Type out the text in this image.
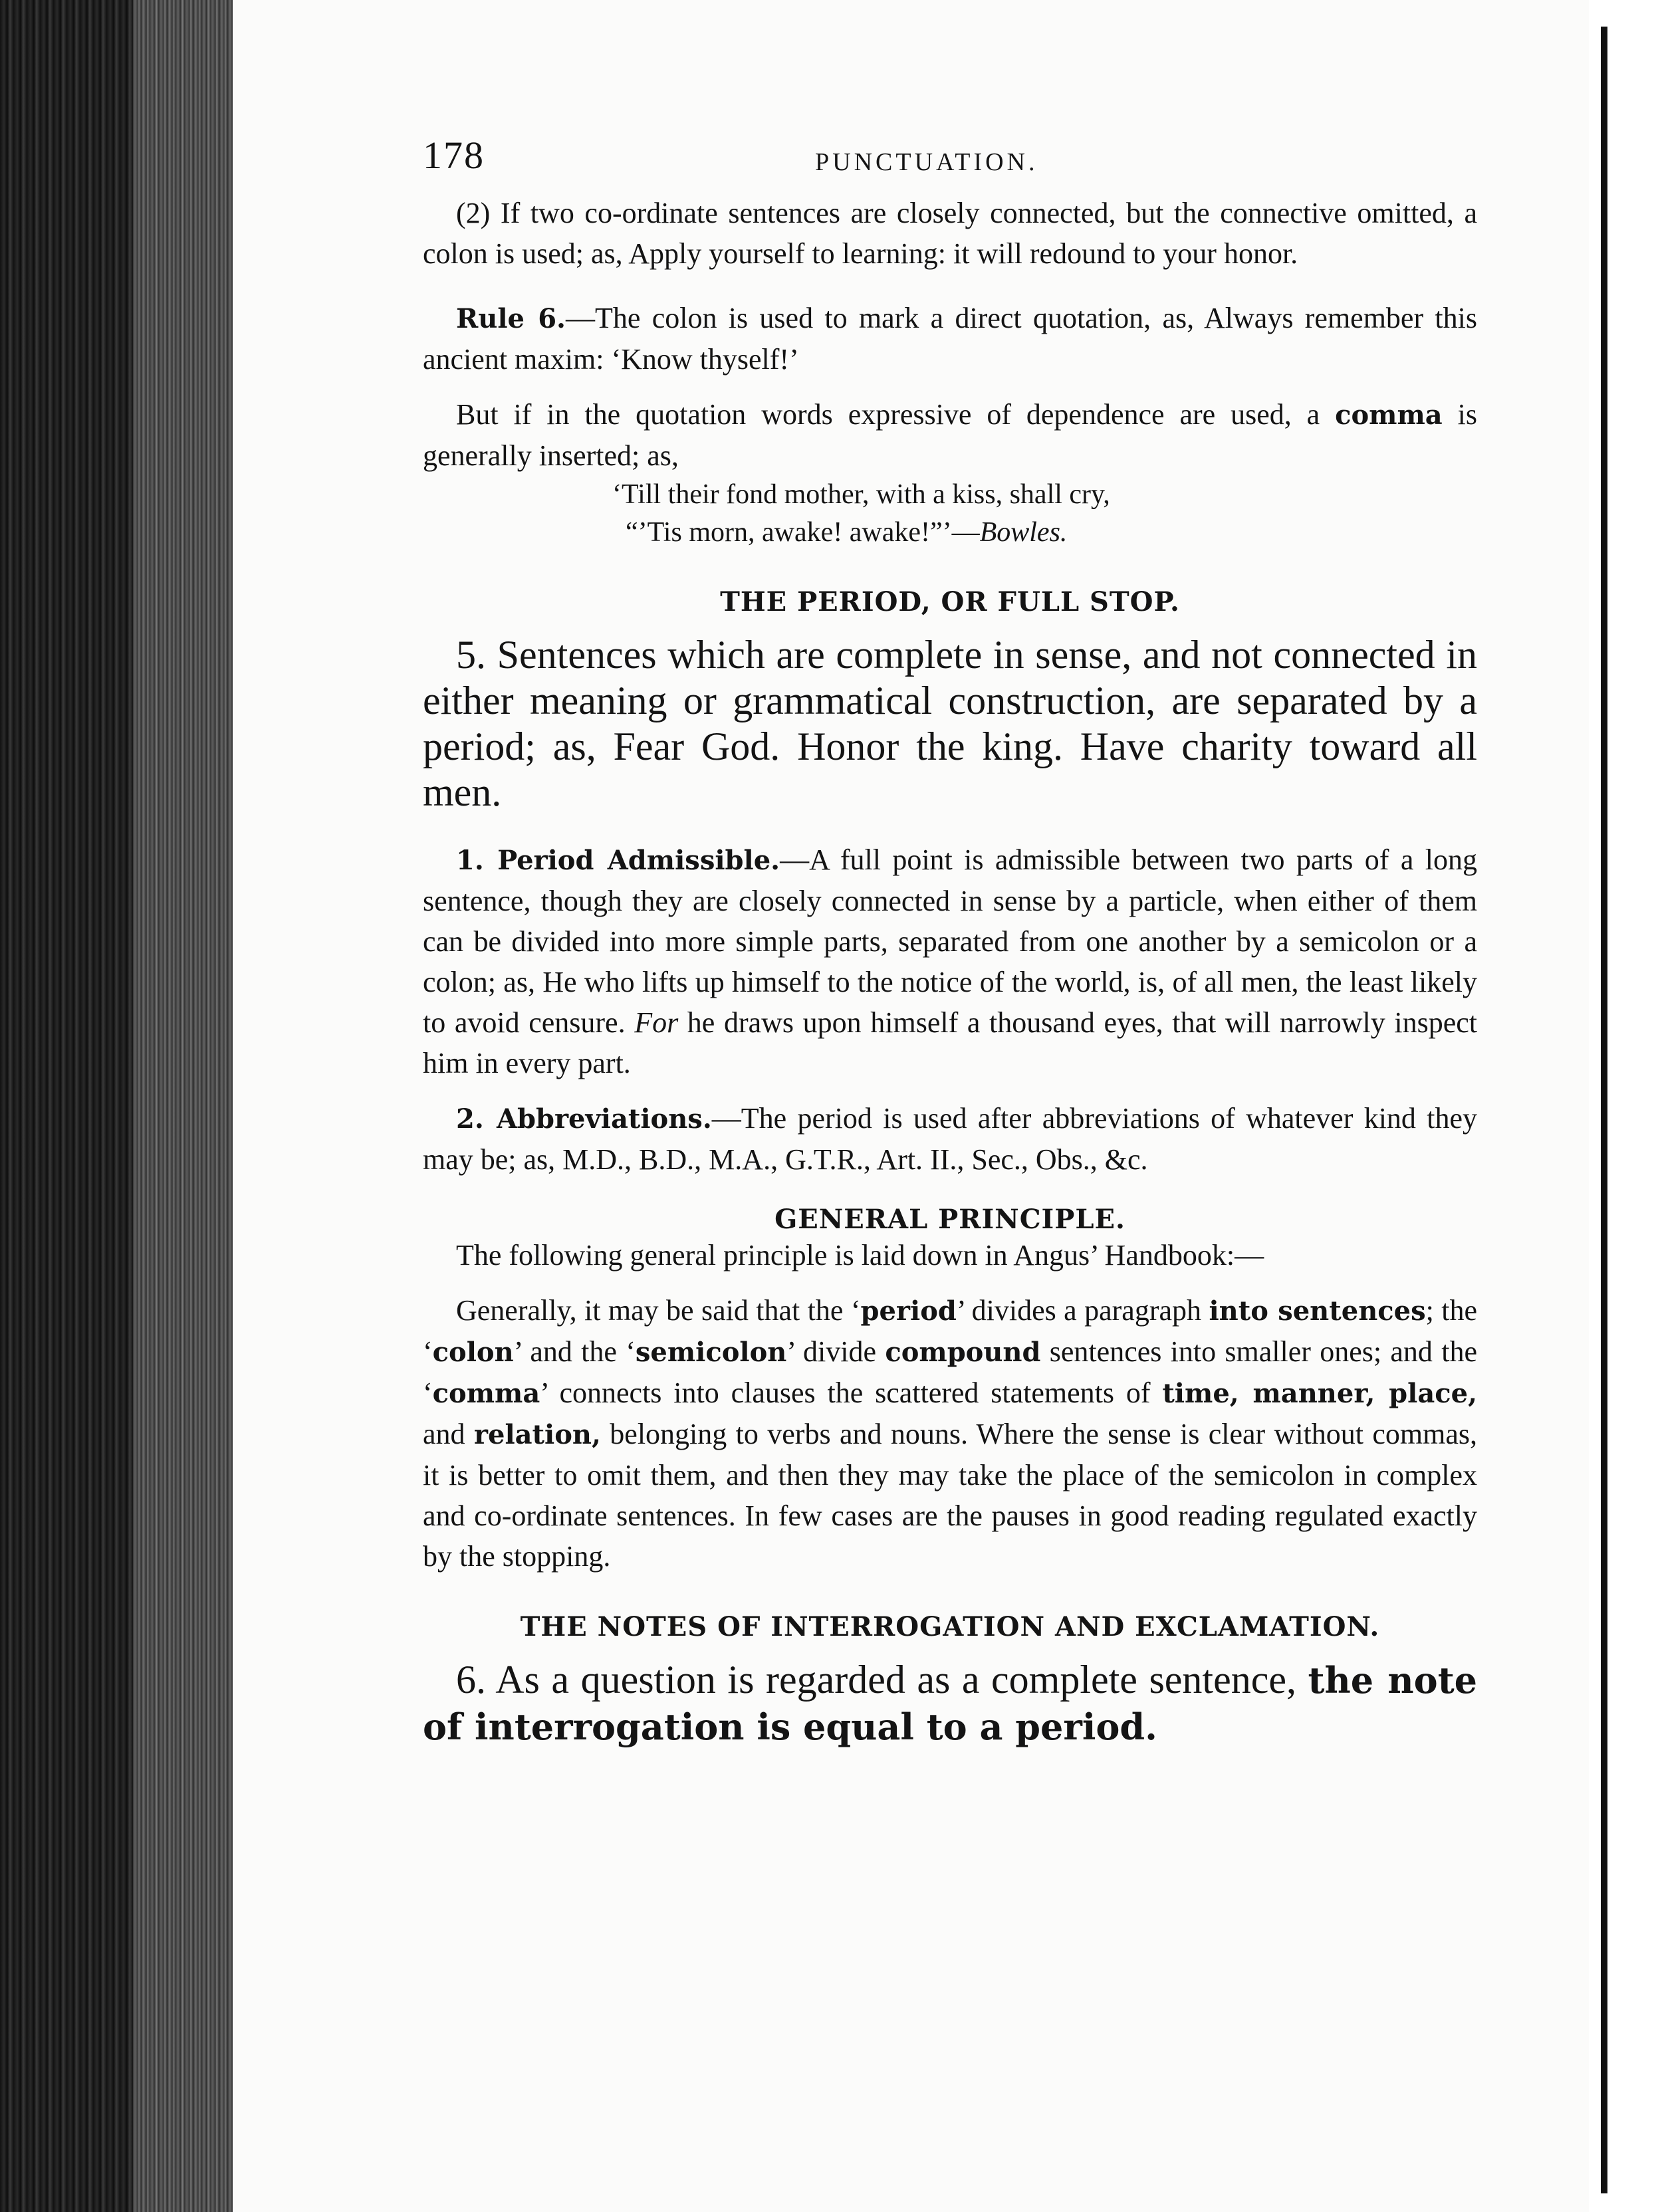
178	PUNCTUATION.

(2) If two co-ordinate sentences are closely connected, but the connective omitted, a colon is used; as, Apply yourself to learning: it will redound to your honor.

Rule 6.—The colon is used to mark a direct quotation, as, Always remember this ancient maxim: ‘Know thyself!’

But if in the quotation words expressive of dependence are used, a comma is generally inserted; as,

‘Till their fond mother, with a kiss, shall cry,
“’Tis morn, awake! awake!”’—Bowles.

THE PERIOD, OR FULL STOP.

5. Sentences which are complete in sense, and not connected in either meaning or grammatical construction, are separated by a period; as, Fear God. Honor the king. Have charity toward all men.

1. Period Admissible.—A full point is admissible between two parts of a long sentence, though they are closely connected in sense by a particle, when either of them can be divided into more simple parts, separated from one another by a semicolon or a colon; as, He who lifts up himself to the notice of the world, is, of all men, the least likely to avoid censure. For he draws upon himself a thousand eyes, that will narrowly inspect him in every part.

2. Abbreviations.—The period is used after abbreviations of whatever kind they may be; as, M.D., B.D., M.A., G.T.R., Art. II., Sec., Obs., &c.

GENERAL PRINCIPLE.

The following general principle is laid down in Angus’ Handbook:—

Generally, it may be said that the ‘period’ divides a paragraph into sentences; the ‘colon’ and the ‘semicolon’ divide compound sentences into smaller ones; and the ‘comma’ connects into clauses the scattered statements of time, manner, place, and relation, belonging to verbs and nouns. Where the sense is clear without commas, it is better to omit them, and then they may take the place of the semicolon in complex and co-ordinate sentences. In few cases are the pauses in good reading regulated exactly by the stopping.

THE NOTES OF INTERROGATION AND EXCLAMATION.

6. As a question is regarded as a complete sentence, the note of interrogation is equal to a period.
